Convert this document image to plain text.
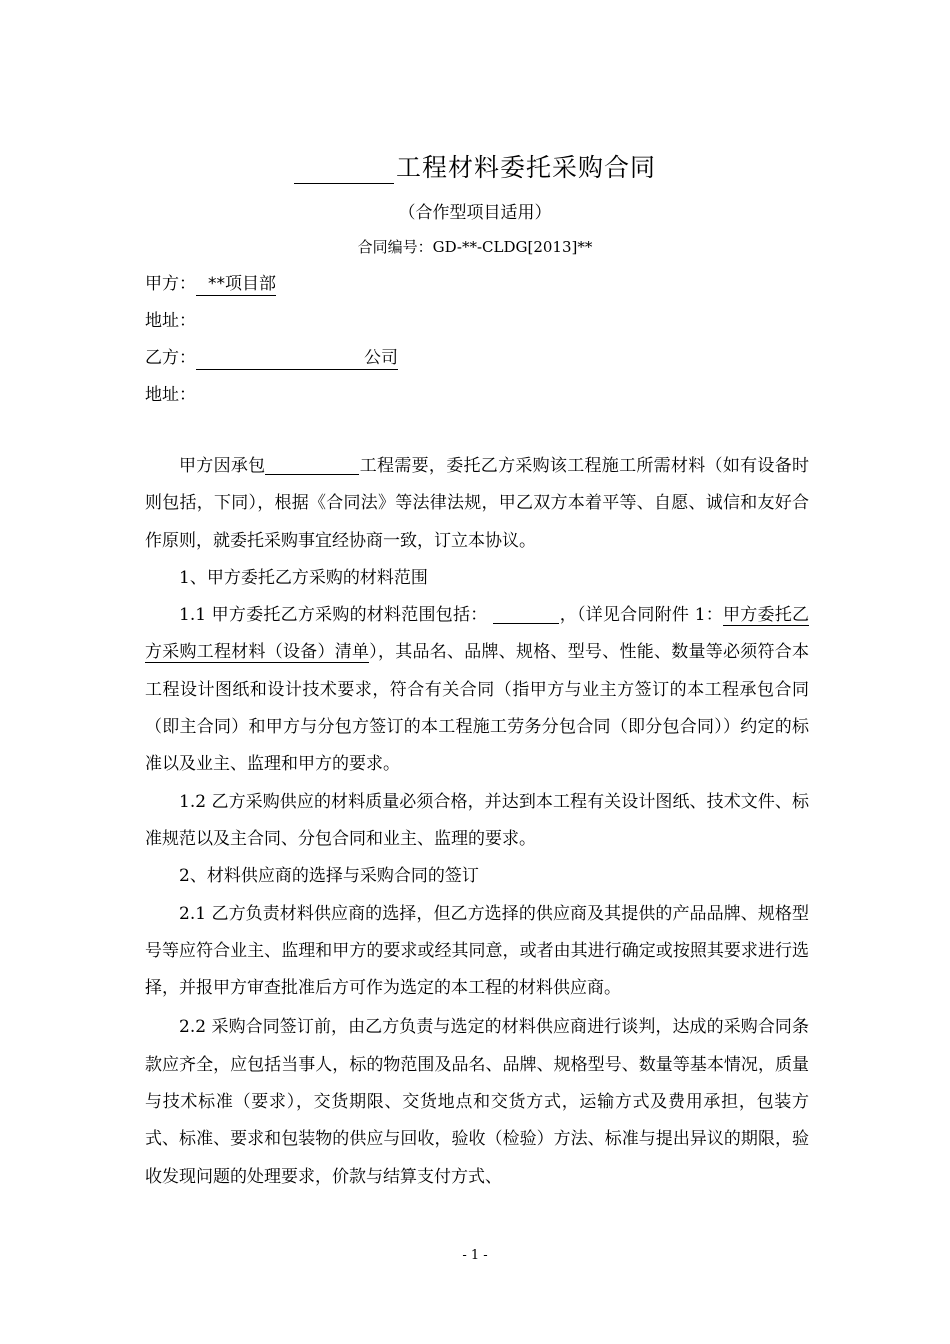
工程材料委托采购合同
（合作型项目适用）
合同编号：GD-**-CLDG[2013]**
甲方： **项目部
地址：
乙方：	公司
地址：

甲方因承包	工程需要，委托乙方采购该工程施工所需材料（如有设备时则包括，下同），根据《合同法》等法律法规，甲乙双方本着平等、自愿、诚信和友好合作原则，就委托采购事宜经协商一致，订立本协议。

1、甲方委托乙方采购的材料范围

1.1 甲方委托乙方采购的材料范围包括：	，（详见合同附件 1：甲方委托乙方采购工程材料（设备）清单），其品名、品牌、规格、型号、性能、数量等必须符合本工程设计图纸和设计技术要求，符合有关合同（指甲方与业主方签订的本工程承包合同（即主合同）和甲方与分包方签订的本工程施工劳务分包合同（即分包合同））约定的标准以及业主、监理和甲方的要求。

1.2 乙方采购供应的材料质量必须合格，并达到本工程有关设计图纸、技术文件、标准规范以及主合同、分包合同和业主、监理的要求。

2、材料供应商的选择与采购合同的签订

2.1 乙方负责材料供应商的选择，但乙方选择的供应商及其提供的产品品牌、规格型号等应符合业主、监理和甲方的要求或经其同意，或者由其进行确定或按照其要求进行选择，并报甲方审查批准后方可作为选定的本工程的材料供应商。

2.2 采购合同签订前，由乙方负责与选定的材料供应商进行谈判，达成的采购合同条款应齐全，应包括当事人，标的物范围及品名、品牌、规格型号、数量等基本情况，质量与技术标准（要求），交货期限、交货地点和交货方式，运输方式及费用承担，包装方式、标准、要求和包装物的供应与回收，验收（检验）方法、标准与提出异议的期限，验收发现问题的处理要求，价款与结算支付方式、

- 1 -
